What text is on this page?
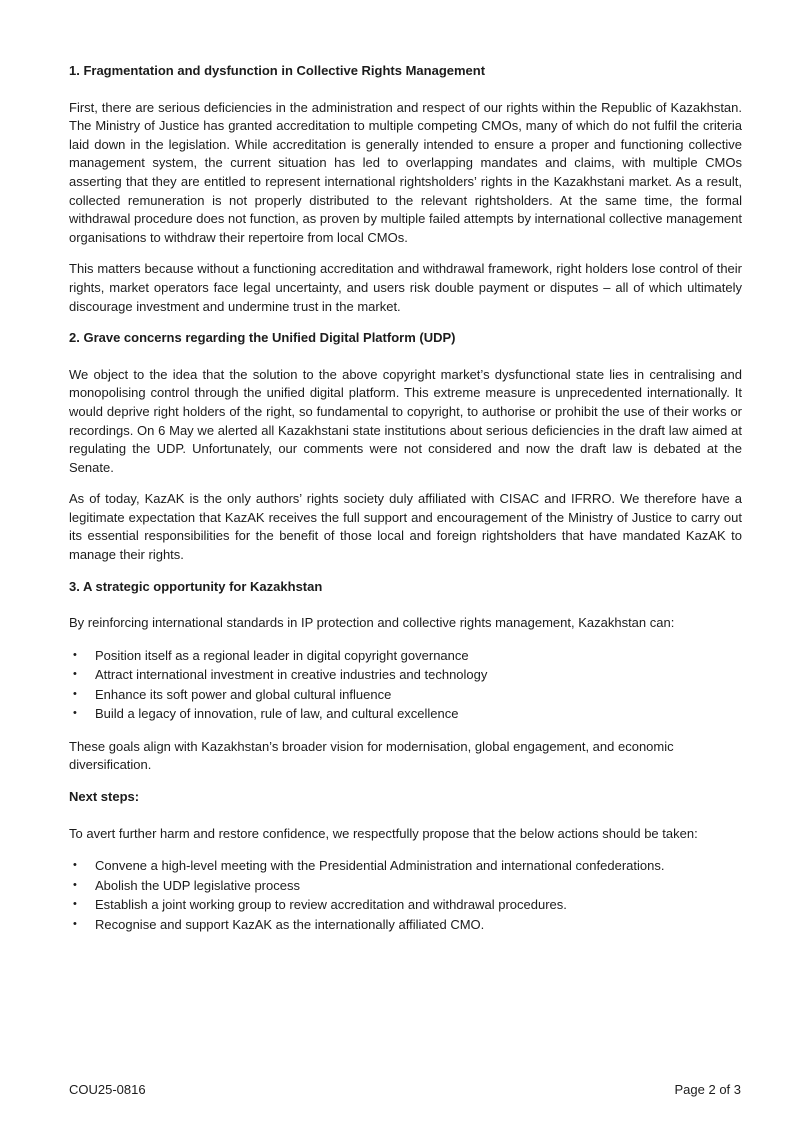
1. Fragmentation and dysfunction in Collective Rights Management

First, there are serious deficiencies in the administration and respect of our rights within the Republic of Kazakhstan. The Ministry of Justice has granted accreditation to multiple competing CMOs, many of which do not fulfil the criteria laid down in the legislation. While accreditation is generally intended to ensure a proper and functioning collective management system, the current situation has led to overlapping mandates and claims, with multiple CMOs asserting that they are entitled to represent international rightsholders’ rights in the Kazakhstani market. As a result, collected remuneration is not properly distributed to the relevant rightsholders. At the same time, the formal withdrawal procedure does not function, as proven by multiple failed attempts by international collective management organisations to withdraw their repertoire from local CMOs.

This matters because without a functioning accreditation and withdrawal framework, right holders lose control of their rights, market operators face legal uncertainty, and users risk double payment or disputes – all of which ultimately discourage investment and undermine trust in the market.

2. Grave concerns regarding the Unified Digital Platform (UDP)

We object to the idea that the solution to the above copyright market’s dysfunctional state lies in centralising and monopolising control through the unified digital platform. This extreme measure is unprecedented internationally. It would deprive right holders of the right, so fundamental to copyright, to authorise or prohibit the use of their works or recordings. On 6 May we alerted all Kazakhstani state institutions about serious deficiencies in the draft law aimed at regulating the UDP. Unfortunately, our comments were not considered and now the draft law is debated at the Senate.

As of today, KazAK is the only authors’ rights society duly affiliated with CISAC and IFRRO. We therefore have a legitimate expectation that KazAK receives the full support and encouragement of the Ministry of Justice to carry out its essential responsibilities for the benefit of those local and foreign rightsholders that have mandated KazAK to manage their rights.

3. A strategic opportunity for Kazakhstan

By reinforcing international standards in IP protection and collective rights management, Kazakhstan can:

•	Position itself as a regional leader in digital copyright governance
•	Attract international investment in creative industries and technology
•	Enhance its soft power and global cultural influence
•	Build a legacy of innovation, rule of law, and cultural excellence

These goals align with Kazakhstan’s broader vision for modernisation, global engagement, and economic diversification.

Next steps:

To avert further harm and restore confidence, we respectfully propose that the below actions should be taken:

•	Convene a high-level meeting with the Presidential Administration and international confederations.
•	Abolish the UDP legislative process
•	Establish a joint working group to review accreditation and withdrawal procedures.
•	Recognise and support KazAK as the internationally affiliated CMO.
COU25-0816	Page 2 of 3
